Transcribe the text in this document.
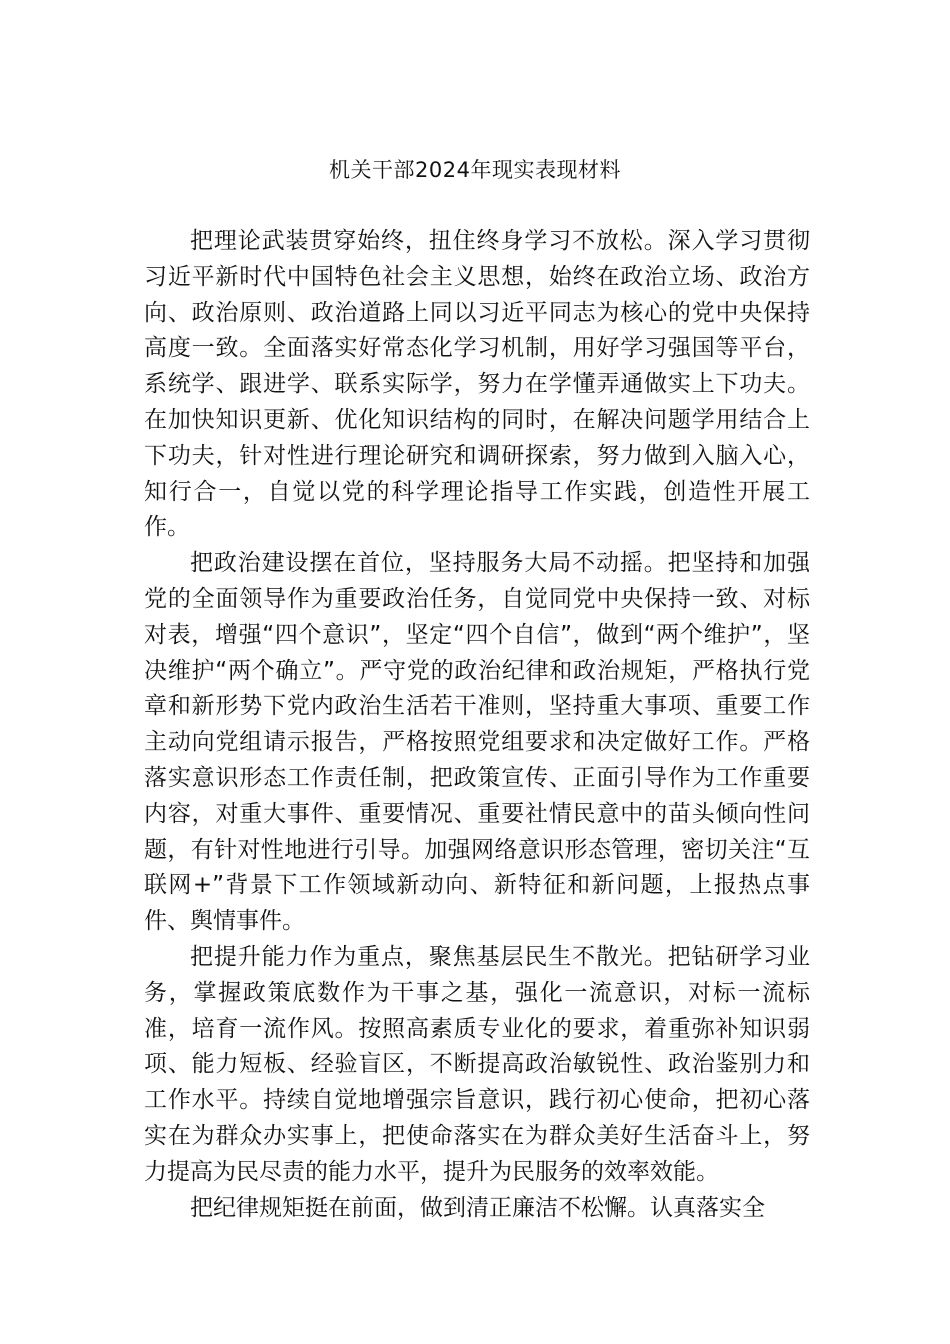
机关干部2024年现实表现材料

把理论武装贯穿始终，扭住终身学习不放松。深入学习贯彻习近平新时代中国特色社会主义思想，始终在政治立场、政治方向、政治原则、政治道路上同以习近平同志为核心的党中央保持高度一致。全面落实好常态化学习机制，用好学习强国等平台，系统学、跟进学、联系实际学，努力在学懂弄通做实上下功夫。在加快知识更新、优化知识结构的同时，在解决问题学用结合上下功夫，针对性进行理论研究和调研探索，努力做到入脑入心，知行合一，自觉以党的科学理论指导工作实践，创造性开展工作。

把政治建设摆在首位，坚持服务大局不动摇。把坚持和加强党的全面领导作为重要政治任务，自觉同党中央保持一致、对标对表，增强“四个意识”，坚定“四个自信”，做到“两个维护”，坚决维护“两个确立”。严守党的政治纪律和政治规矩，严格执行党章和新形势下党内政治生活若干准则，坚持重大事项、重要工作主动向党组请示报告，严格按照党组要求和决定做好工作。严格落实意识形态工作责任制，把政策宣传、正面引导作为工作重要内容，对重大事件、重要情况、重要社情民意中的苗头倾向性问题，有针对性地进行引导。加强网络意识形态管理，密切关注“互联网+”背景下工作领域新动向、新特征和新问题，上报热点事件、舆情事件。

把提升能力作为重点，聚焦基层民生不散光。把钻研学习业务，掌握政策底数作为干事之基，强化一流意识，对标一流标准，培育一流作风。按照高素质专业化的要求，着重弥补知识弱项、能力短板、经验盲区，不断提高政治敏锐性、政治鉴别力和工作水平。持续自觉地增强宗旨意识，践行初心使命，把初心落实在为群众办实事上，把使命落实在为群众美好生活奋斗上，努力提高为民尽责的能力水平，提升为民服务的效率效能。

把纪律规矩挺在前面，做到清正廉洁不松懈。认真落实全
